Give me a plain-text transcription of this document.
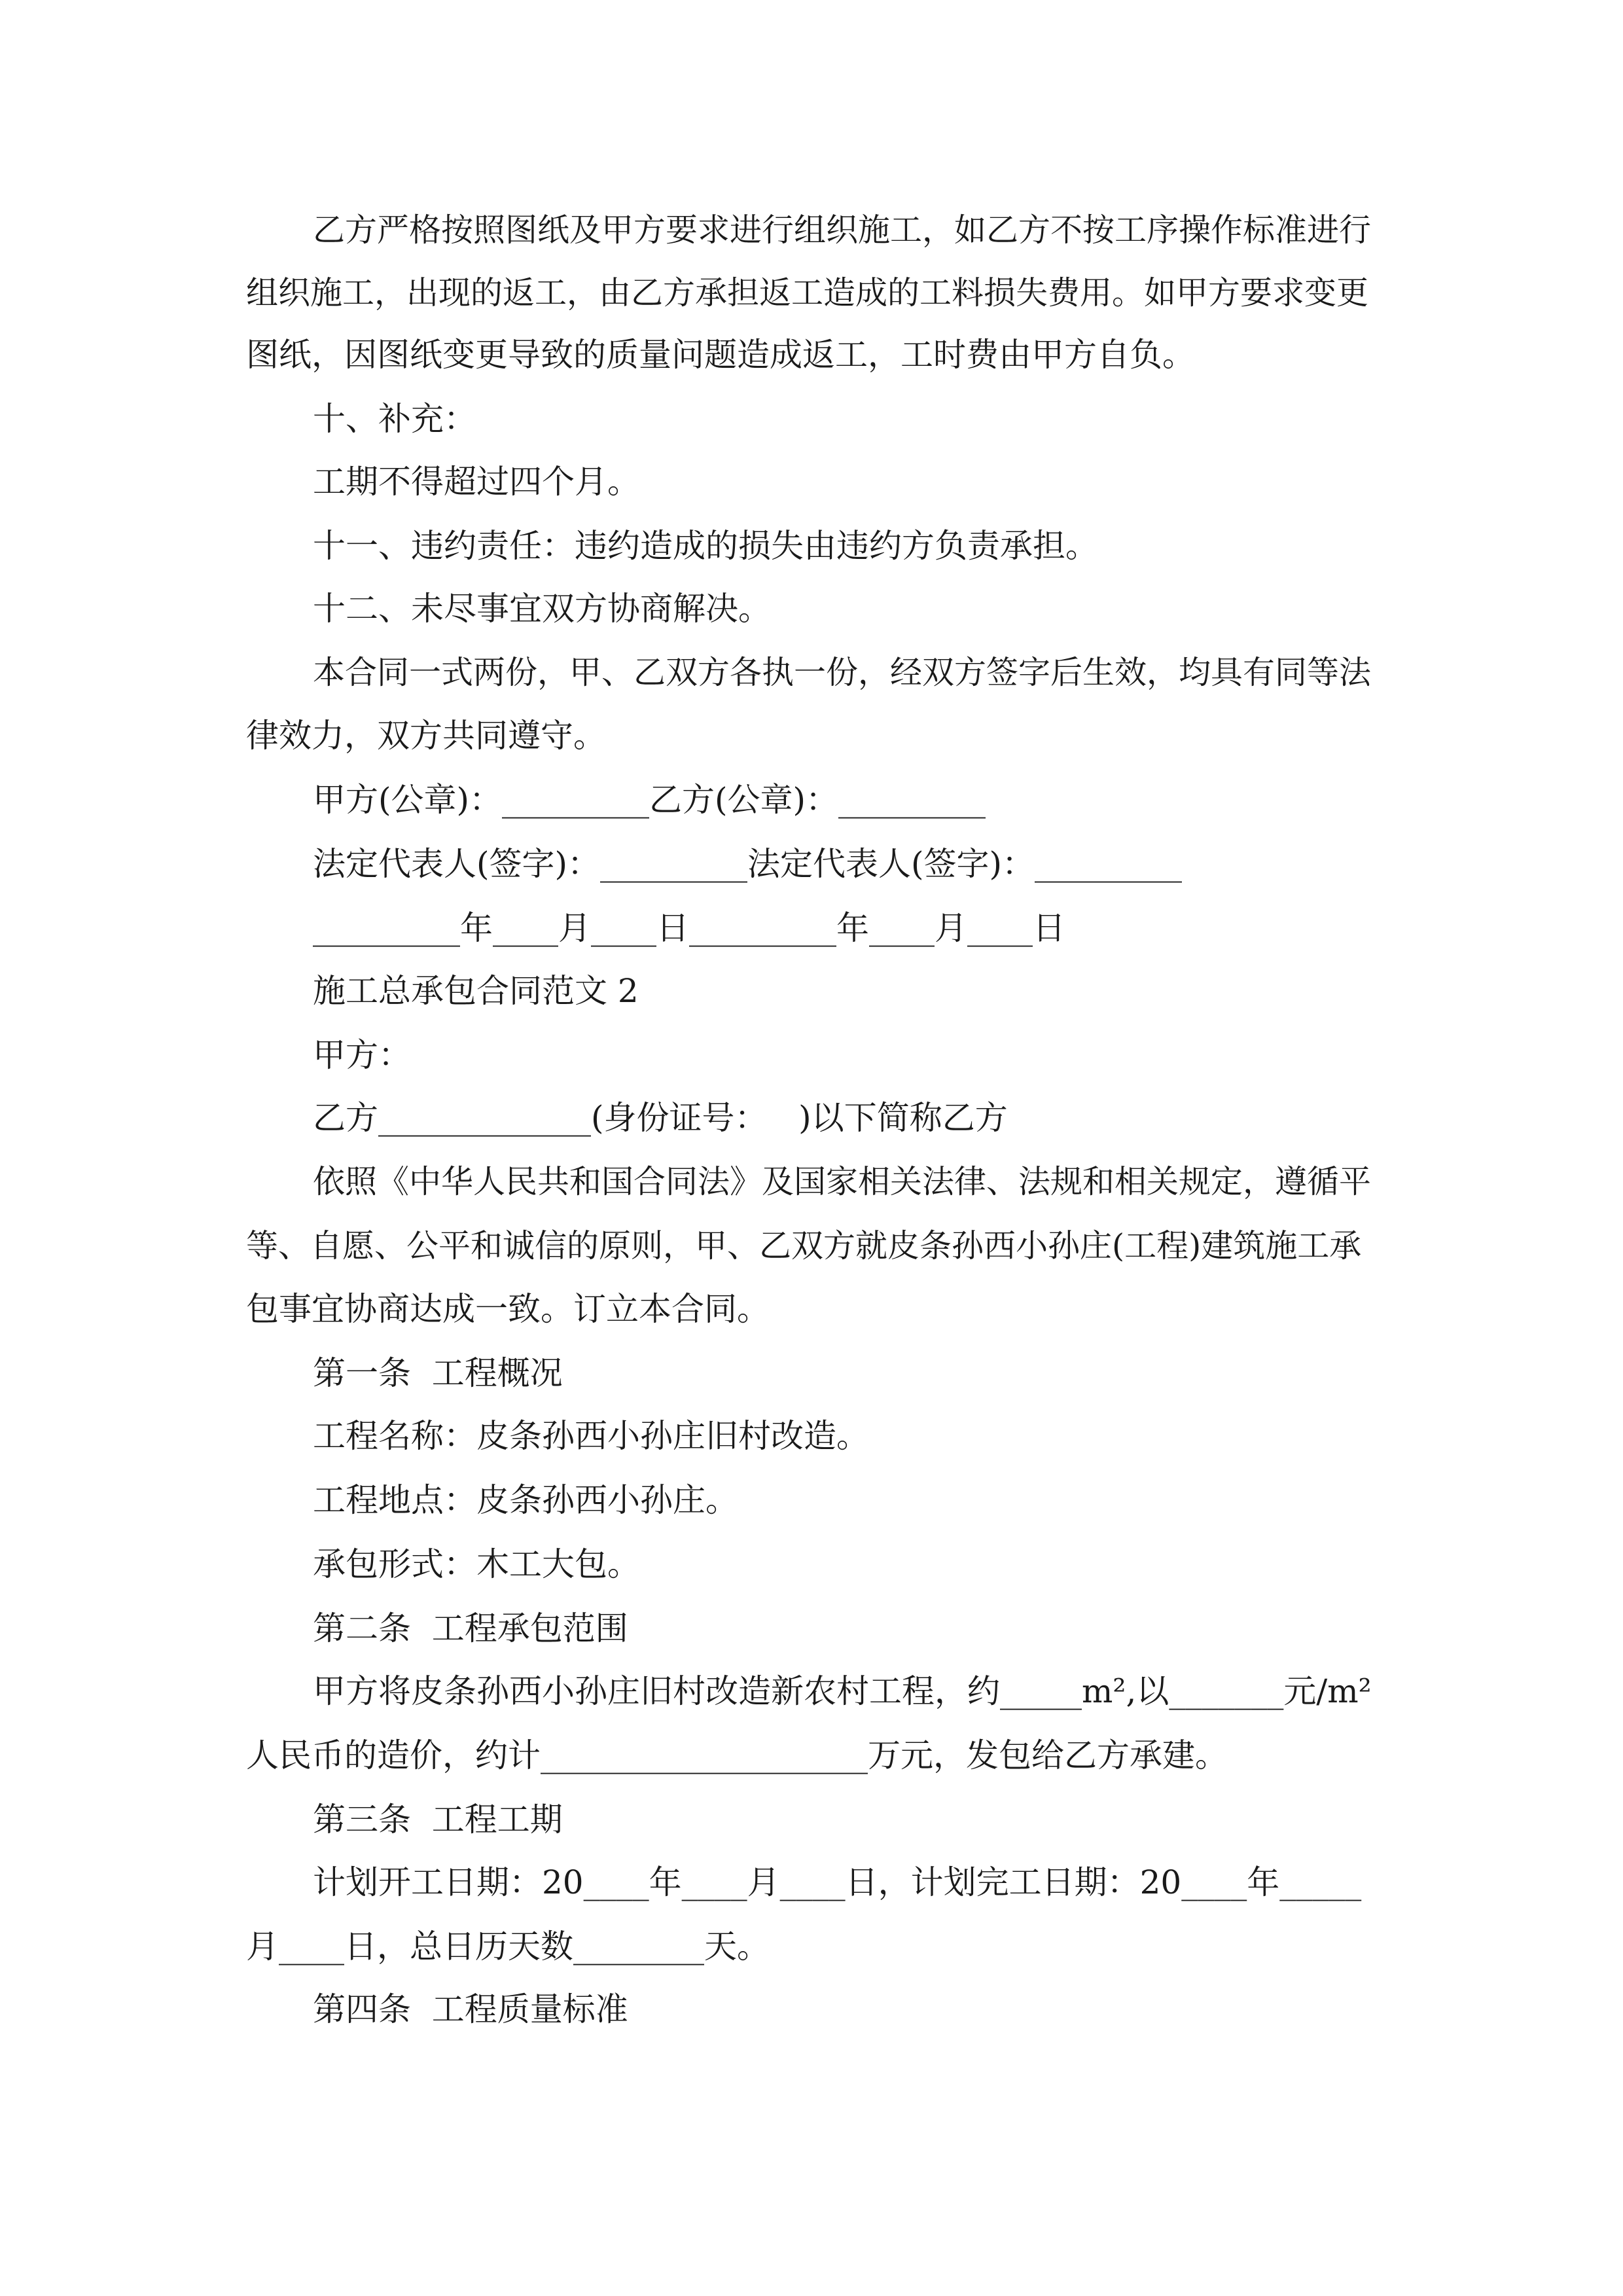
乙方严格按照图纸及甲方要求进行组织施工，如乙方不按工序操作标准进行
组织施工，出现的返工，由乙方承担返工造成的工料损失费用。如甲方要求变更
图纸，因图纸变更导致的质量问题造成返工，工时费由甲方自负。
十、补充：
工期不得超过四个月。
十一、违约责任：违约造成的损失由违约方负责承担。
十二、未尽事宜双方协商解决。
本合同一式两份，甲、乙双方各执一份，经双方签字后生效，均具有同等法
律效力，双方共同遵守。
甲方(公章)：_________乙方(公章)：_________
法定代表人(签字)：_________法定代表人(签字)：_________
_________年____月____日_________年____月____日
施工总承包合同范文 2
甲方：
乙方_____________(身份证号：   )以下简称乙方
依照《中华人民共和国合同法》及国家相关法律、法规和相关规定，遵循平
等、自愿、公平和诚信的原则，甲、乙双方就皮条孙西小孙庄(工程)建筑施工承
包事宜协商达成一致。订立本合同。
第一条  工程概况
工程名称：皮条孙西小孙庄旧村改造。
工程地点：皮条孙西小孙庄。
承包形式：木工大包。
第二条  工程承包范围
甲方将皮条孙西小孙庄旧村改造新农村工程，约_____m²,以_______元/m²
人民币的造价，约计____________________万元，发包给乙方承建。
第三条  工程工期
计划开工日期：20____年____月____日，计划完工日期：20____年_____
月____日，总日历天数________天。
第四条  工程质量标准
